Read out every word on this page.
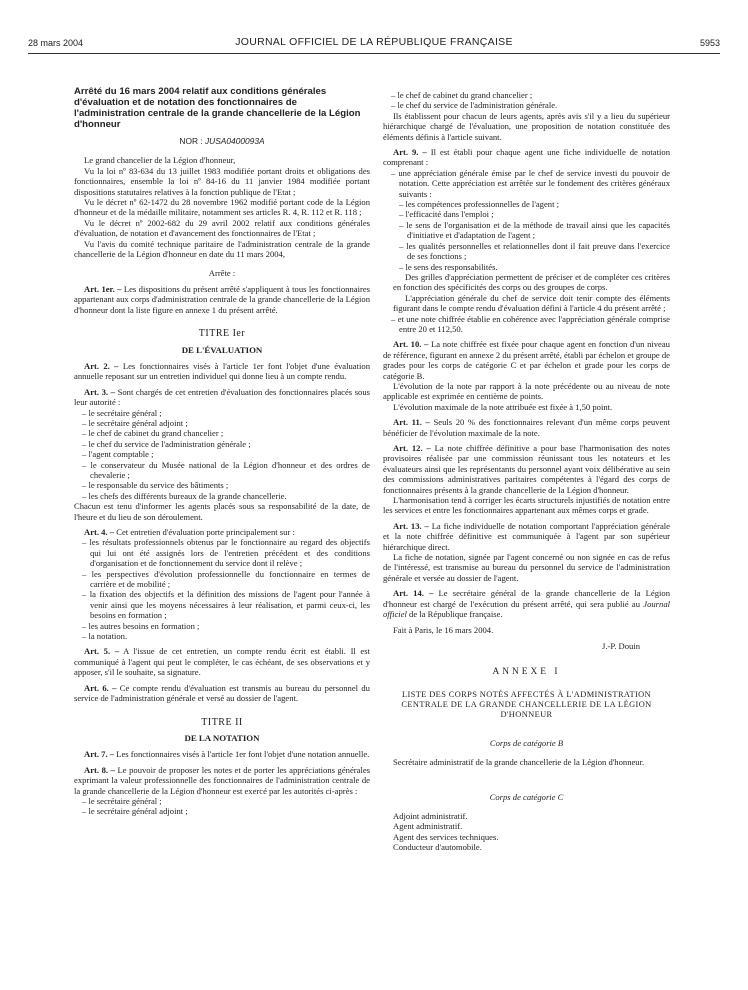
28 mars 2004	JOURNAL OFFICIEL DE LA RÉPUBLIQUE FRANÇAISE	5953
Arrêté du 16 mars 2004 relatif aux conditions générales d'évaluation et de notation des fonctionnaires de l'administration centrale de la grande chancellerie de la Légion d'honneur
NOR : JUSA0400093A

Le grand chancelier de la Légion d'honneur,

Vu la loi nº 83-634 du 13 juillet 1983 modifiée portant droits et obligations des fonctionnaires, ensemble la loi nº 84-16 du 11 janvier 1984 modifiée portant dispositions statutaires relatives à la fonction publique de l'Etat ;

Vu le décret nº 62-1472 du 28 novembre 1962 modifié portant code de la Légion d'honneur et de la médaille militaire, notamment ses articles R. 4, R. 112 et R. 118 ;

Vu le décret nº 2002-682 du 29 avril 2002 relatif aux conditions générales d'évaluation, de notation et d'avancement des fonctionnaires de l'Etat ;

Vu l'avis du comité technique paritaire de l'administration centrale de la grande chancellerie de la Légion d'honneur en date du 11 mars 2004,

Arrête :

Art. 1er. – Les dispositions du présent arrêté s'appliquent à tous les fonctionnaires appartenant aux corps d'administration centrale de la grande chancellerie de la Légion d'honneur dont la liste figure en annexe 1 du présent arrêté.

TITRE Ier
DE L'ÉVALUATION

Art. 2. – Les fonctionnaires visés à l'article 1er font l'objet d'une évaluation annuelle reposant sur un entretien individuel qui donne lieu à un compte rendu.

Art. 3. – Sont chargés de cet entretien d'évaluation des fonctionnaires placés sous leur autorité :

– le secrétaire général ;
– le secrétaire général adjoint ;
– le chef de cabinet du grand chancelier ;
– le chef du service de l'administration générale ;
– l'agent comptable ;
– le conservateur du Musée national de la Légion d'honneur et des ordres de chevalerie ;
– le responsable du service des bâtiments ;
– les chefs des différents bureaux de la grande chancellerie.

Chacun est tenu d'informer les agents placés sous sa responsabilité de la date, de l'heure et du lieu de son déroulement.

Art. 4. – Cet entretien d'évaluation porte principalement sur :

– les résultats professionnels obtenus par le fonctionnaire au regard des objectifs qui lui ont été assignés lors de l'entretien précédent et des conditions d'organisation et de fonctionnement du service dont il relève ;
– les perspectives d'évolution professionnelle du fonctionnaire en termes de carrière et de mobilité ;
– la fixation des objectifs et la définition des missions de l'agent pour l'année à venir ainsi que les moyens nécessaires à leur réalisation, et parmi ceux-ci, les besoins en formation ;
– les autres besoins en formation ;
– la notation.

Art. 5. – A l'issue de cet entretien, un compte rendu écrit est établi. Il est communiqué à l'agent qui peut le compléter, le cas échéant, de ses observations et y apposer, s'il le souhaite, sa signature.

Art. 6. – Ce compte rendu d'évaluation est transmis au bureau du personnel du service de l'administration générale et versé au dossier de l'agent.

TITRE II
DE LA NOTATION

Art. 7. – Les fonctionnaires visés à l'article 1er font l'objet d'une notation annuelle.

Art. 8. – Le pouvoir de proposer les notes et de porter les appréciations générales exprimant la valeur professionnelle des fonctionnaires de l'administration centrale de la grande chancellerie de la Légion d'honneur est exercé par les autorités ci-après :

– le secrétaire général ;
– le secrétaire général adjoint ;
– le chef de cabinet du grand chancelier ;
– le chef du service de l'administration générale.

Ils établissent pour chacun de leurs agents, après avis s'il y a lieu du supérieur hiérarchique chargé de l'évaluation, une proposition de notation constituée des éléments définis à l'article suivant.

Art. 9. – Il est établi pour chaque agent une fiche individuelle de notation comprenant :

– une appréciation générale émise par le chef de service investi du pouvoir de notation. Cette appréciation est arrêtée sur le fondement des critères généraux suivants :
– les compétences professionnelles de l'agent ;
– l'efficacité dans l'emploi ;
– le sens de l'organisation et de la méthode de travail ainsi que les capacités d'initiative et d'adaptation de l'agent ;
– les qualités personnelles et relationnelles dont il fait preuve dans l'exercice de ses fonctions ;
– le sens des responsabilités.

Des grilles d'appréciation permettent de préciser et de compléter ces critères en fonction des spécificités des corps ou des groupes de corps.

L'appréciation générale du chef de service doit tenir compte des éléments figurant dans le compte rendu d'évaluation défini à l'article 4 du présent arrêté ;

– et une note chiffrée établie en cohérence avec l'appréciation générale comprise entre 20 et 112,50.

Art. 10. – La note chiffrée est fixée pour chaque agent en fonction d'un niveau de référence, figurant en annexe 2 du présent arrêté, établi par échelon et groupe de grades pour les corps de catégorie C et par échelon et grade pour les corps de catégorie B.

L'évolution de la note par rapport à la note précédente ou au niveau de note applicable est exprimée en centième de points.

L'évolution maximale de la note attribuée est fixée à 1,50 point.

Art. 11. – Seuls 20 % des fonctionnaires relevant d'un même corps peuvent bénéficier de l'évolution maximale de la note.

Art. 12. – La note chiffrée définitive a pour base l'harmonisation des notes provisoires réalisée par une commission réunissant tous les notateurs et les évaluateurs ainsi que les représentants du personnel ayant voix délibérative au sein des commissions administratives paritaires compétentes à l'égard des corps de fonctionnaires présents à la grande chancellerie de la Légion d'honneur.

L'harmonisation tend à corriger les écarts structurels injustifiés de notation entre les services et entre les fonctionnaires appartenant aux mêmes corps et grade.

Art. 13. – La fiche individuelle de notation comportant l'appréciation générale et la note chiffrée définitive est communiquée à l'agent par son supérieur hiérarchique direct.

La fiche de notation, signée par l'agent concerné ou non signée en cas de refus de l'intéressé, est transmise au bureau du personnel du service de l'administration générale et versée au dossier de l'agent.

Art. 14. – Le secrétaire général de la grande chancellerie de la Légion d'honneur est chargé de l'exécution du présent arrêté, qui sera publié au Journal officiel de la République française.

Fait à Paris, le 16 mars 2004.

J.-P. Douin
ANNEXE I
LISTE DES CORPS NOTÉS AFFECTÉS À L'ADMINISTRATION CENTRALE DE LA GRANDE CHANCELLERIE DE LA LÉGION D'HONNEUR
Corps de catégorie B

Secrétaire administratif de la grande chancellerie de la Légion d'honneur.

Corps de catégorie C

Adjoint administratif.

Agent administratif.

Agent des services techniques.

Conducteur d'automobile.
